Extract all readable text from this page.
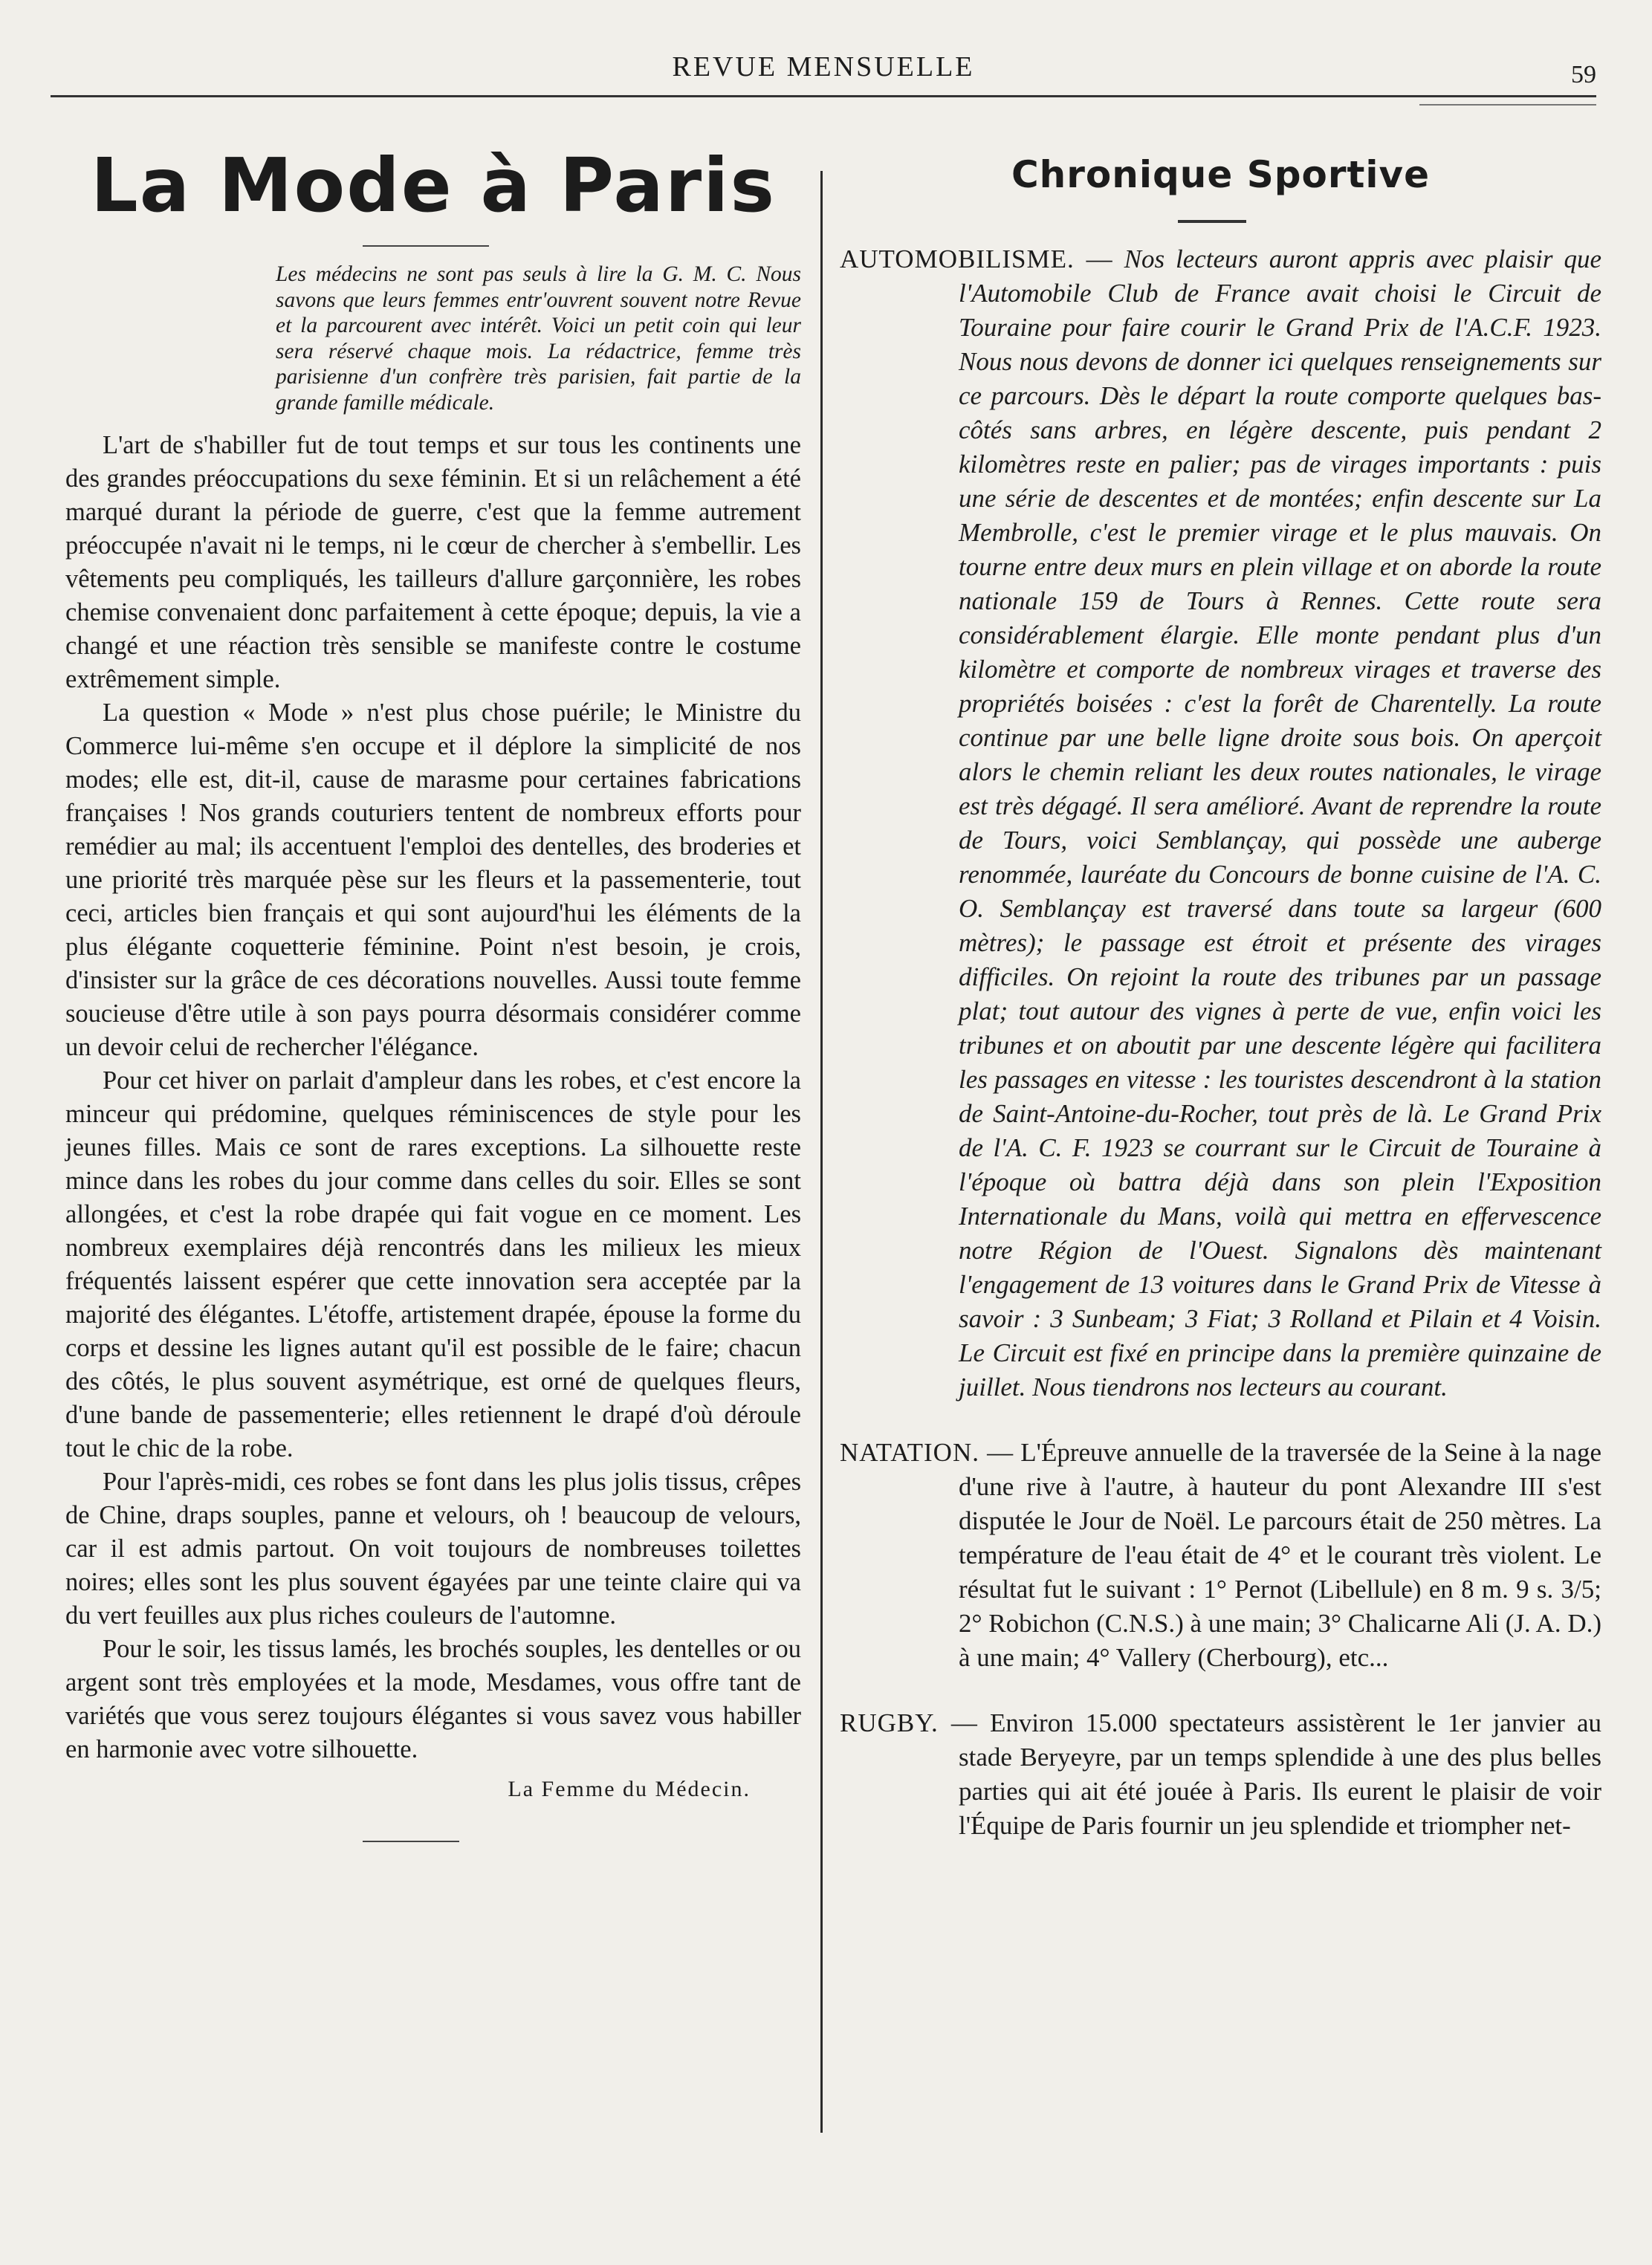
REVUE MENSUELLE	59
La Mode à Paris

Les médecins ne sont pas seuls à lire la G. M. C. Nous savons que leurs femmes entr'ouvrent souvent notre Revue et la parcourent avec intérêt. Voici un petit coin qui leur sera réservé chaque mois. La rédactrice, femme très parisienne d'un confrère très parisien, fait partie de la grande famille médicale.

L'art de s'habiller fut de tout temps et sur tous les continents une des grandes préoccupations du sexe féminin. Et si un relâchement a été marqué durant la période de guerre, c'est que la femme autrement préoccupée n'avait ni le temps, ni le cœur de chercher à s'embellir. Les vêtements peu compliqués, les tailleurs d'allure garçonnière, les robes chemise convenaient donc parfaitement à cette époque; depuis, la vie a changé et une réaction très sensible se manifeste contre le costume extrêmement simple.

La question « Mode » n'est plus chose puérile; le Ministre du Commerce lui-même s'en occupe et il déplore la simplicité de nos modes; elle est, dit-il, cause de marasme pour certaines fabrications françaises ! Nos grands couturiers tentent de nombreux efforts pour remédier au mal; ils accentuent l'emploi des dentelles, des broderies et une priorité très marquée pèse sur les fleurs et la passementerie, tout ceci, articles bien français et qui sont aujourd'hui les éléments de la plus élégante coquetterie féminine. Point n'est besoin, je crois, d'insister sur la grâce de ces décorations nouvelles. Aussi toute femme soucieuse d'être utile à son pays pourra désormais considérer comme un devoir celui de rechercher l'élégance.

Pour cet hiver on parlait d'ampleur dans les robes, et c'est encore la minceur qui prédomine, quelques réminiscences de style pour les jeunes filles. Mais ce sont de rares exceptions. La silhouette reste mince dans les robes du jour comme dans celles du soir. Elles se sont allongées, et c'est la robe drapée qui fait vogue en ce moment. Les nombreux exemplaires déjà rencontrés dans les milieux les mieux fréquentés laissent espérer que cette innovation sera acceptée par la majorité des élégantes. L'étoffe, artistement drapée, épouse la forme du corps et dessine les lignes autant qu'il est possible de le faire; chacun des côtés, le plus souvent asymétrique, est orné de quelques fleurs, d'une bande de passementerie; elles retiennent le drapé d'où déroule tout le chic de la robe.

Pour l'après-midi, ces robes se font dans les plus jolis tissus, crêpes de Chine, draps souples, panne et velours, oh ! beaucoup de velours, car il est admis partout. On voit toujours de nombreuses toilettes noires; elles sont les plus souvent égayées par une teinte claire qui va du vert feuilles aux plus riches couleurs de l'automne.

Pour le soir, les tissus lamés, les brochés souples, les dentelles or ou argent sont très employées et la mode, Mesdames, vous offre tant de variétés que vous serez toujours élégantes si vous savez vous habiller en harmonie avec votre silhouette.

La Femme du Médecin.
Chronique Sportive

AUTOMOBILISME. — Nos lecteurs auront appris avec plaisir que l'Automobile Club de France avait choisi le Circuit de Touraine pour faire courir le Grand Prix de l'A.C.F. 1923. Nous nous devons de donner ici quelques renseignements sur ce parcours. Dès le départ la route comporte quelques bas-côtés sans arbres, en légère descente, puis pendant 2 kilomètres reste en palier; pas de virages importants : puis une série de descentes et de montées; enfin descente sur La Membrolle, c'est le premier virage et le plus mauvais. On tourne entre deux murs en plein village et on aborde la route nationale 159 de Tours à Rennes. Cette route sera considérablement élargie. Elle monte pendant plus d'un kilomètre et comporte de nombreux virages et traverse des propriétés boisées : c'est la forêt de Charentelly. La route continue par une belle ligne droite sous bois. On aperçoit alors le chemin reliant les deux routes nationales, le virage est très dégagé. Il sera amélioré. Avant de reprendre la route de Tours, voici Semblançay, qui possède une auberge renommée, lauréate du Concours de bonne cuisine de l'A. C. O. Semblançay est traversé dans toute sa largeur (600 mètres); le passage est étroit et présente des virages difficiles. On rejoint la route des tribunes par un passage plat; tout autour des vignes à perte de vue, enfin voici les tribunes et on aboutit par une descente légère qui facilitera les passages en vitesse : les touristes descendront à la station de Saint-Antoine-du-Rocher, tout près de là. Le Grand Prix de l'A. C. F. 1923 se courrant sur le Circuit de Touraine à l'époque où battra déjà dans son plein l'Exposition Internationale du Mans, voilà qui mettra en effervescence notre Région de l'Ouest. Signalons dès maintenant l'engagement de 13 voitures dans le Grand Prix de Vitesse à savoir : 3 Sunbeam; 3 Fiat; 3 Rolland et Pilain et 4 Voisin. Le Circuit est fixé en principe dans la première quinzaine de juillet. Nous tiendrons nos lecteurs au courant.

NATATION. — L'Épreuve annuelle de la traversée de la Seine à la nage d'une rive à l'autre, à hauteur du pont Alexandre III s'est disputée le Jour de Noël. Le parcours était de 250 mètres. La température de l'eau était de 4° et le courant très violent. Le résultat fut le suivant : 1° Pernot (Libellule) en 8 m. 9 s. 3/5; 2° Robichon (C.N.S.) à une main; 3° Chalicarne Ali (J. A. D.) à une main; 4° Vallery (Cherbourg), etc...

RUGBY. — Environ 15.000 spectateurs assistèrent le 1er janvier au stade Beryeyre, par un temps splendide à une des plus belles parties qui ait été jouée à Paris. Ils eurent le plaisir de voir l'Équipe de Paris fournir un jeu splendide et triompher net-
